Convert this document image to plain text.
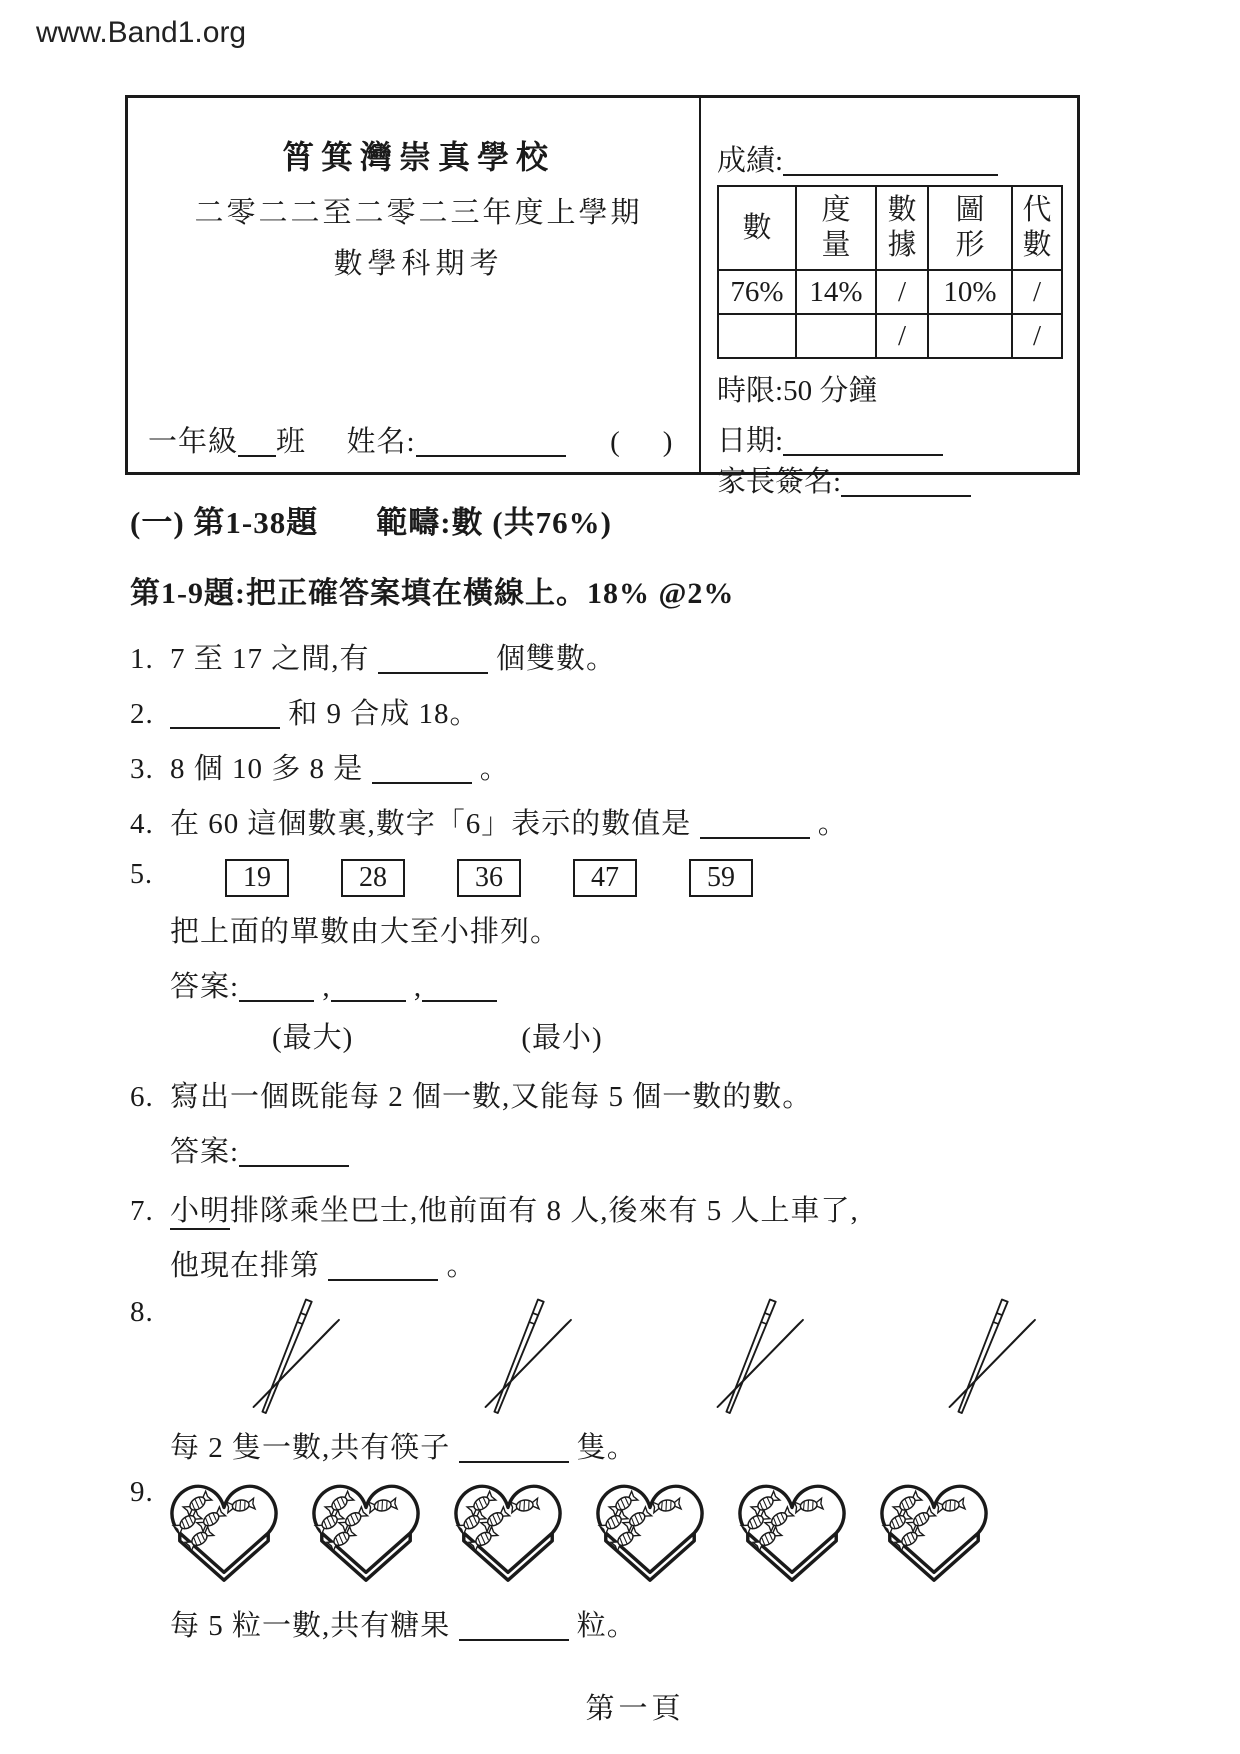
www.Band1.org
筲箕灣崇真學校
二零二二至二零二三年度上學期
數學科期考
一年級 班 姓名:	( )
成績:
數	度量	數據	圖形	代數
76%	14%	/	10%	/
		/		/
時限:50 分鐘
日期:
家長簽名:
(一) 第1-38題 範疇:數 (共76%)
第1-9題:把正確答案填在橫線上。18% @2%
1. 7 至 17 之間,有	個雙數。
2.	和 9 合成 18。
3. 8 個 10 多 8 是	。
4. 在 60 這個數裏,數字「6」表示的數值是	。
5.	19	28	36	47	59
把上面的單數由大至小排列。
答案:	,	,
(最大)	(最小)
6. 寫出一個既能每 2 個一數,又能每 5 個一數的數。
答案:
7. 小明排隊乘坐巴士,他前面有 8 人,後來有 5 人上車了,
他現在排第	。
8.
每 2 隻一數,共有筷子	隻。
9.
每 5 粒一數,共有糖果	粒。
第一頁
